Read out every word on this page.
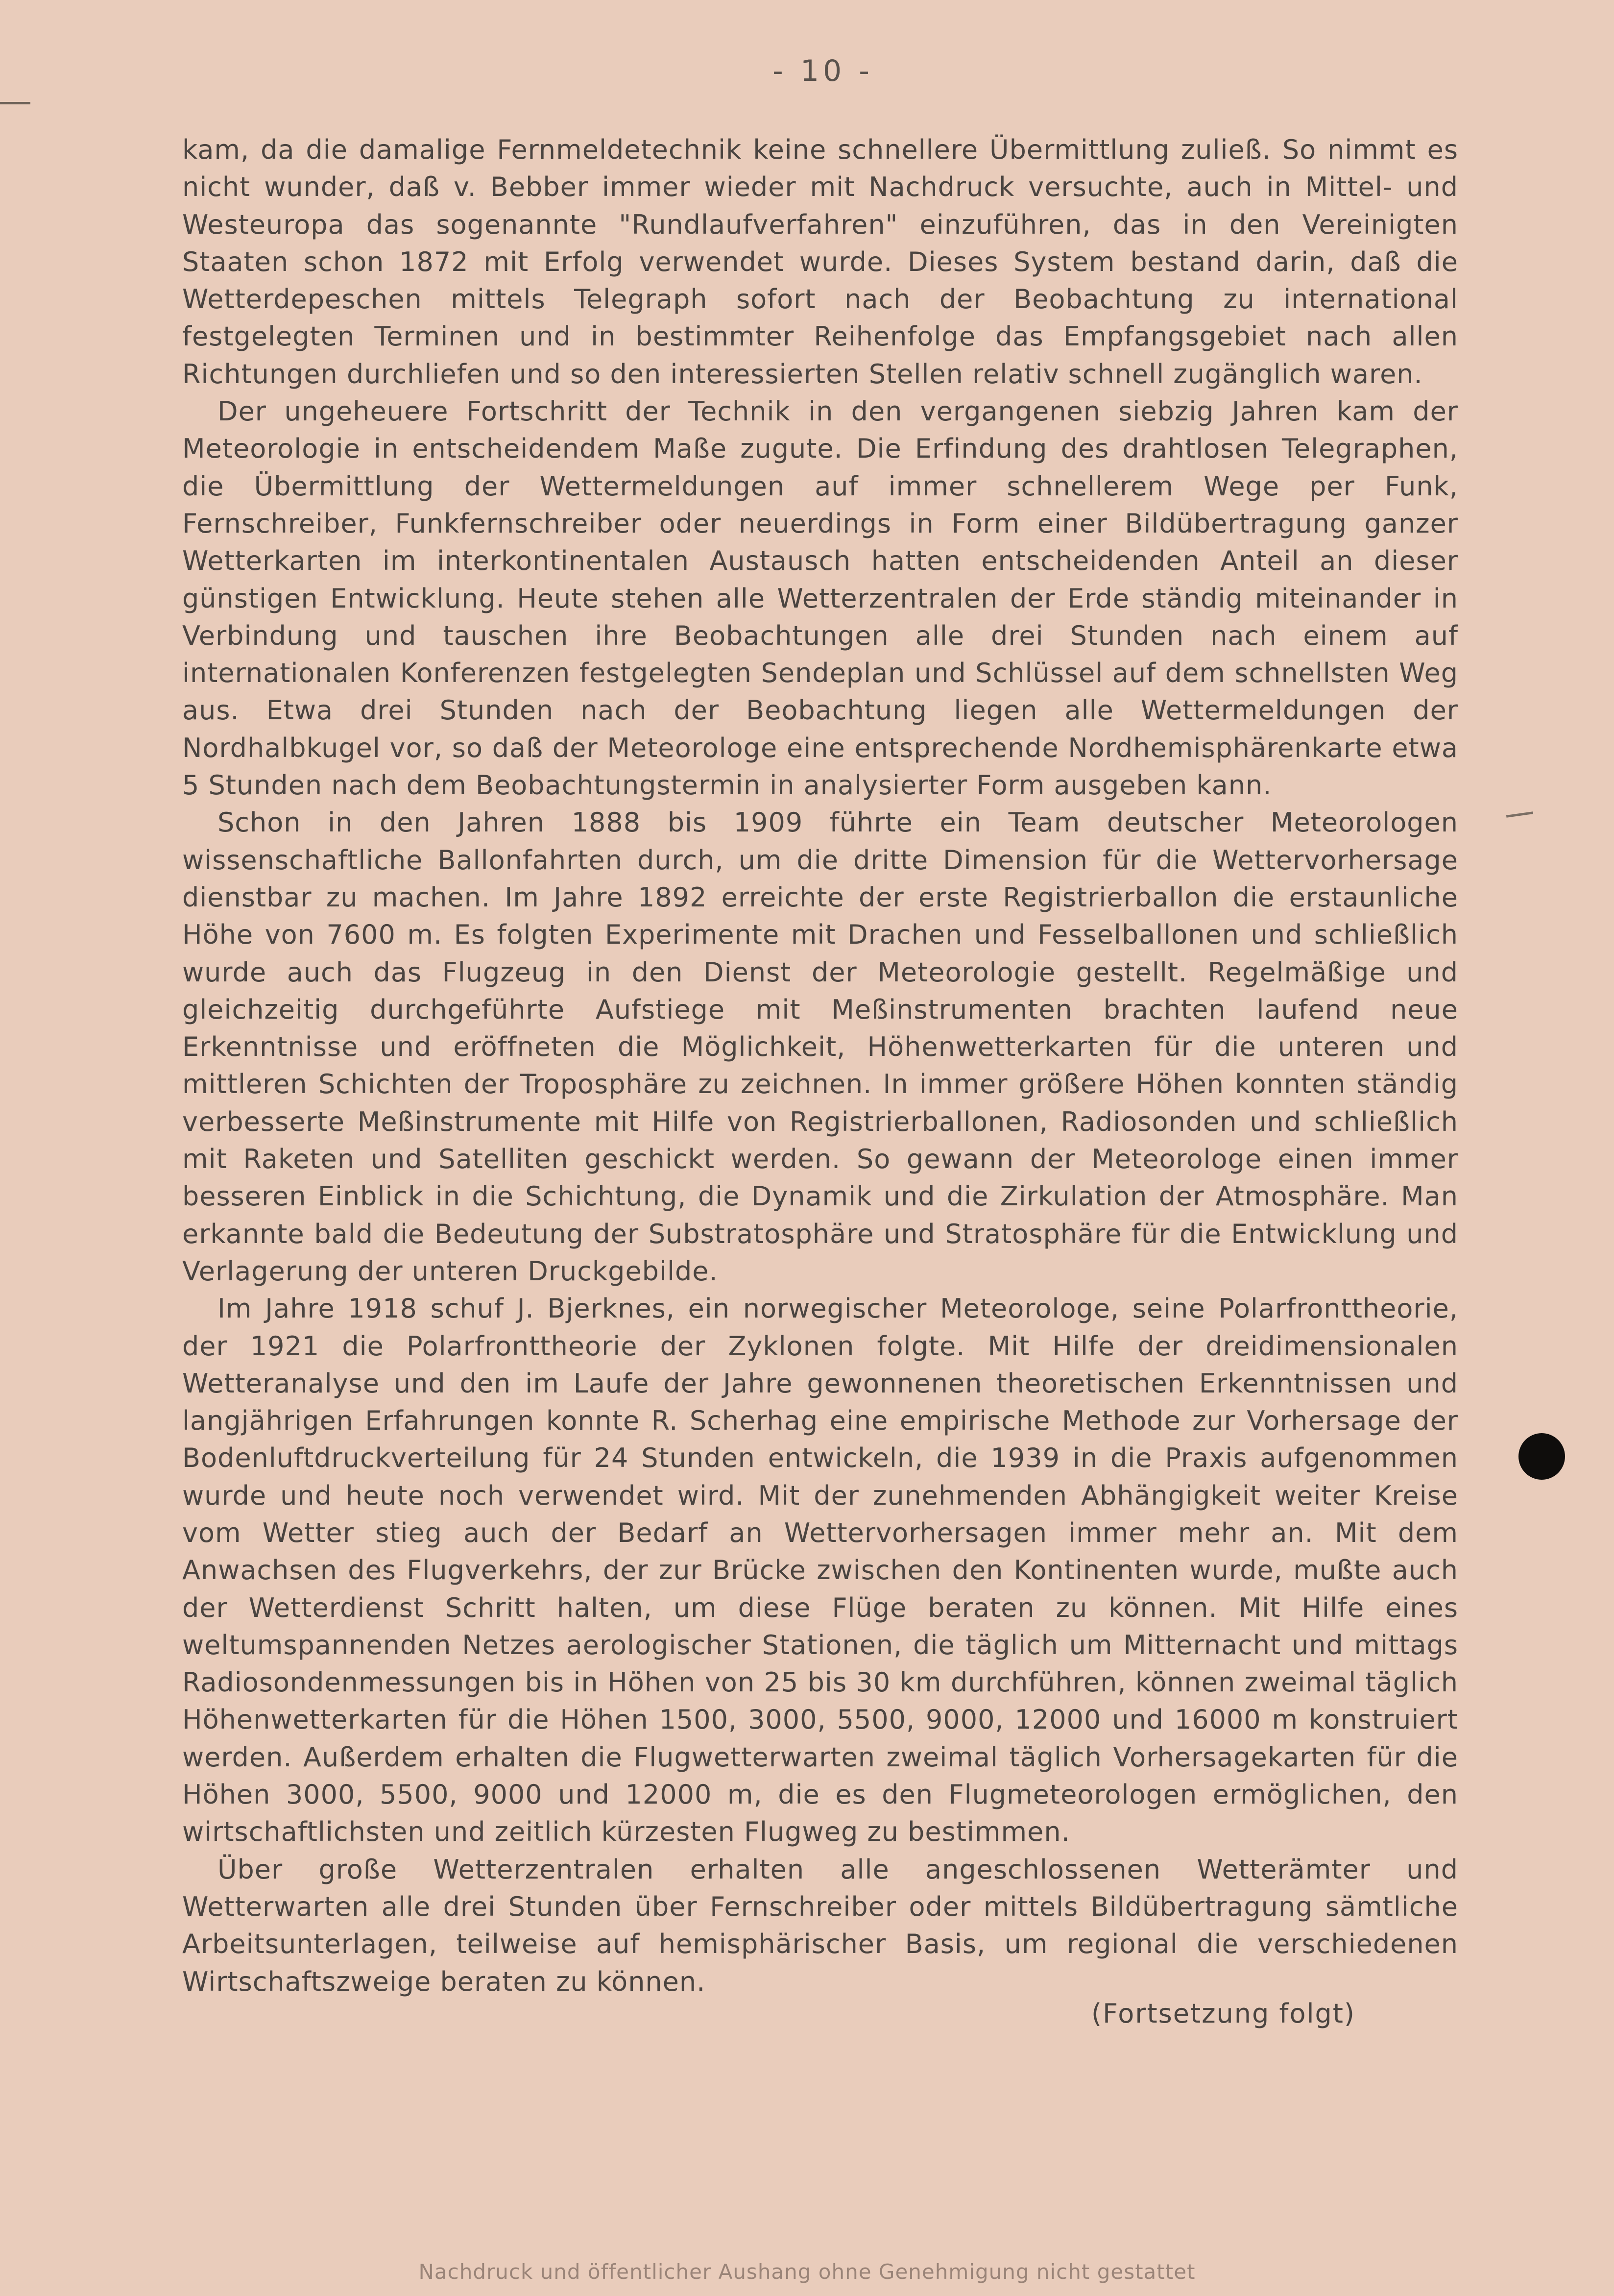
- 10 -

kam, da die damalige Fernmeldetechnik keine schnellere Übermittlung zuließ. So nimmt es nicht wunder, daß v. Bebber immer wieder mit Nachdruck versuchte, auch in Mittel- und Westeuropa das sogenannte "Rundlaufverfahren" einzuführen, das in den Vereinigten Staaten schon 1872 mit Erfolg verwendet wurde. Dieses System bestand darin, daß die Wetterdepeschen mittels Telegraph sofort nach der Beobachtung zu international festgelegten Terminen und in bestimmter Reihenfolge das Empfangsgebiet nach allen Richtungen durchliefen und so den interessierten Stellen relativ schnell zugänglich waren.

Der ungeheuere Fortschritt der Technik in den vergangenen siebzig Jahren kam der Meteorologie in entscheidendem Maße zugute. Die Erfindung des drahtlosen Telegraphen, die Übermittlung der Wettermeldungen auf immer schnellerem Wege per Funk, Fernschreiber, Funkfernschreiber oder neuerdings in Form einer Bildübertragung ganzer Wetterkarten im interkontinentalen Austausch hatten entscheidenden Anteil an dieser günstigen Entwicklung. Heute stehen alle Wetterzentralen der Erde ständig miteinander in Verbindung und tauschen ihre Beobachtungen alle drei Stunden nach einem auf internationalen Konferenzen festgelegten Sendeplan und Schlüssel auf dem schnellsten Weg aus. Etwa drei Stunden nach der Beobachtung liegen alle Wettermeldungen der Nordhalbkugel vor, so daß der Meteorologe eine entsprechende Nordhemisphärenkarte etwa 5 Stunden nach dem Beobachtungstermin in analysierter Form ausgeben kann.

Schon in den Jahren 1888 bis 1909 führte ein Team deutscher Meteorologen wissenschaftliche Ballonfahrten durch, um die dritte Dimension für die Wettervorhersage dienstbar zu machen. Im Jahre 1892 erreichte der erste Registrierballon die erstaunliche Höhe von 7600 m. Es folgten Experimente mit Drachen und Fesselballonen und schließlich wurde auch das Flugzeug in den Dienst der Meteorologie gestellt. Regelmäßige und gleichzeitig durchgeführte Aufstiege mit Meßinstrumenten brachten laufend neue Erkenntnisse und eröffneten die Möglichkeit, Höhenwetterkarten für die unteren und mittleren Schichten der Troposphäre zu zeichnen. In immer größere Höhen konnten ständig verbesserte Meßinstrumente mit Hilfe von Registrierballonen, Radiosonden und schließlich mit Raketen und Satelliten geschickt werden. So gewann der Meteorologe einen immer besseren Einblick in die Schichtung, die Dynamik und die Zirkulation der Atmosphäre. Man erkannte bald die Bedeutung der Substratosphäre und Stratosphäre für die Entwicklung und Verlagerung der unteren Druckgebilde.

Im Jahre 1918 schuf J. Bjerknes, ein norwegischer Meteorologe, seine Polarfronttheorie, der 1921 die Polarfronttheorie der Zyklonen folgte. Mit Hilfe der dreidimensionalen Wetteranalyse und den im Laufe der Jahre gewonnenen theoretischen Erkenntnissen und langjährigen Erfahrungen konnte R. Scherhag eine empirische Methode zur Vorhersage der Bodenluftdruckverteilung für 24 Stunden entwickeln, die 1939 in die Praxis aufgenommen wurde und heute noch verwendet wird. Mit der zunehmenden Abhängigkeit weiter Kreise vom Wetter stieg auch der Bedarf an Wettervorhersagen immer mehr an. Mit dem Anwachsen des Flugverkehrs, der zur Brücke zwischen den Kontinenten wurde, mußte auch der Wetterdienst Schritt halten, um diese Flüge beraten zu können. Mit Hilfe eines weltumspannenden Netzes aerologischer Stationen, die täglich um Mitternacht und mittags Radiosondenmessungen bis in Höhen von 25 bis 30 km durchführen, können zweimal täglich Höhenwetterkarten für die Höhen 1500, 3000, 5500, 9000, 12000 und 16000 m konstruiert werden. Außerdem erhalten die Flugwetterwarten zweimal täglich Vorhersagekarten für die Höhen 3000, 5500, 9000 und 12000 m, die es den Flugmeteorologen ermöglichen, den wirtschaftlichsten und zeitlich kürzesten Flugweg zu bestimmen.

Über große Wetterzentralen erhalten alle angeschlossenen Wetterämter und Wetterwarten alle drei Stunden über Fernschreiber oder mittels Bildübertragung sämtliche Arbeitsunterlagen, teilweise auf hemisphärischer Basis, um regional die verschiedenen Wirtschaftszweige beraten zu können.

(Fortsetzung folgt)
Nachdruck und öffentlicher Aushang ohne Genehmigung nicht gestattet
